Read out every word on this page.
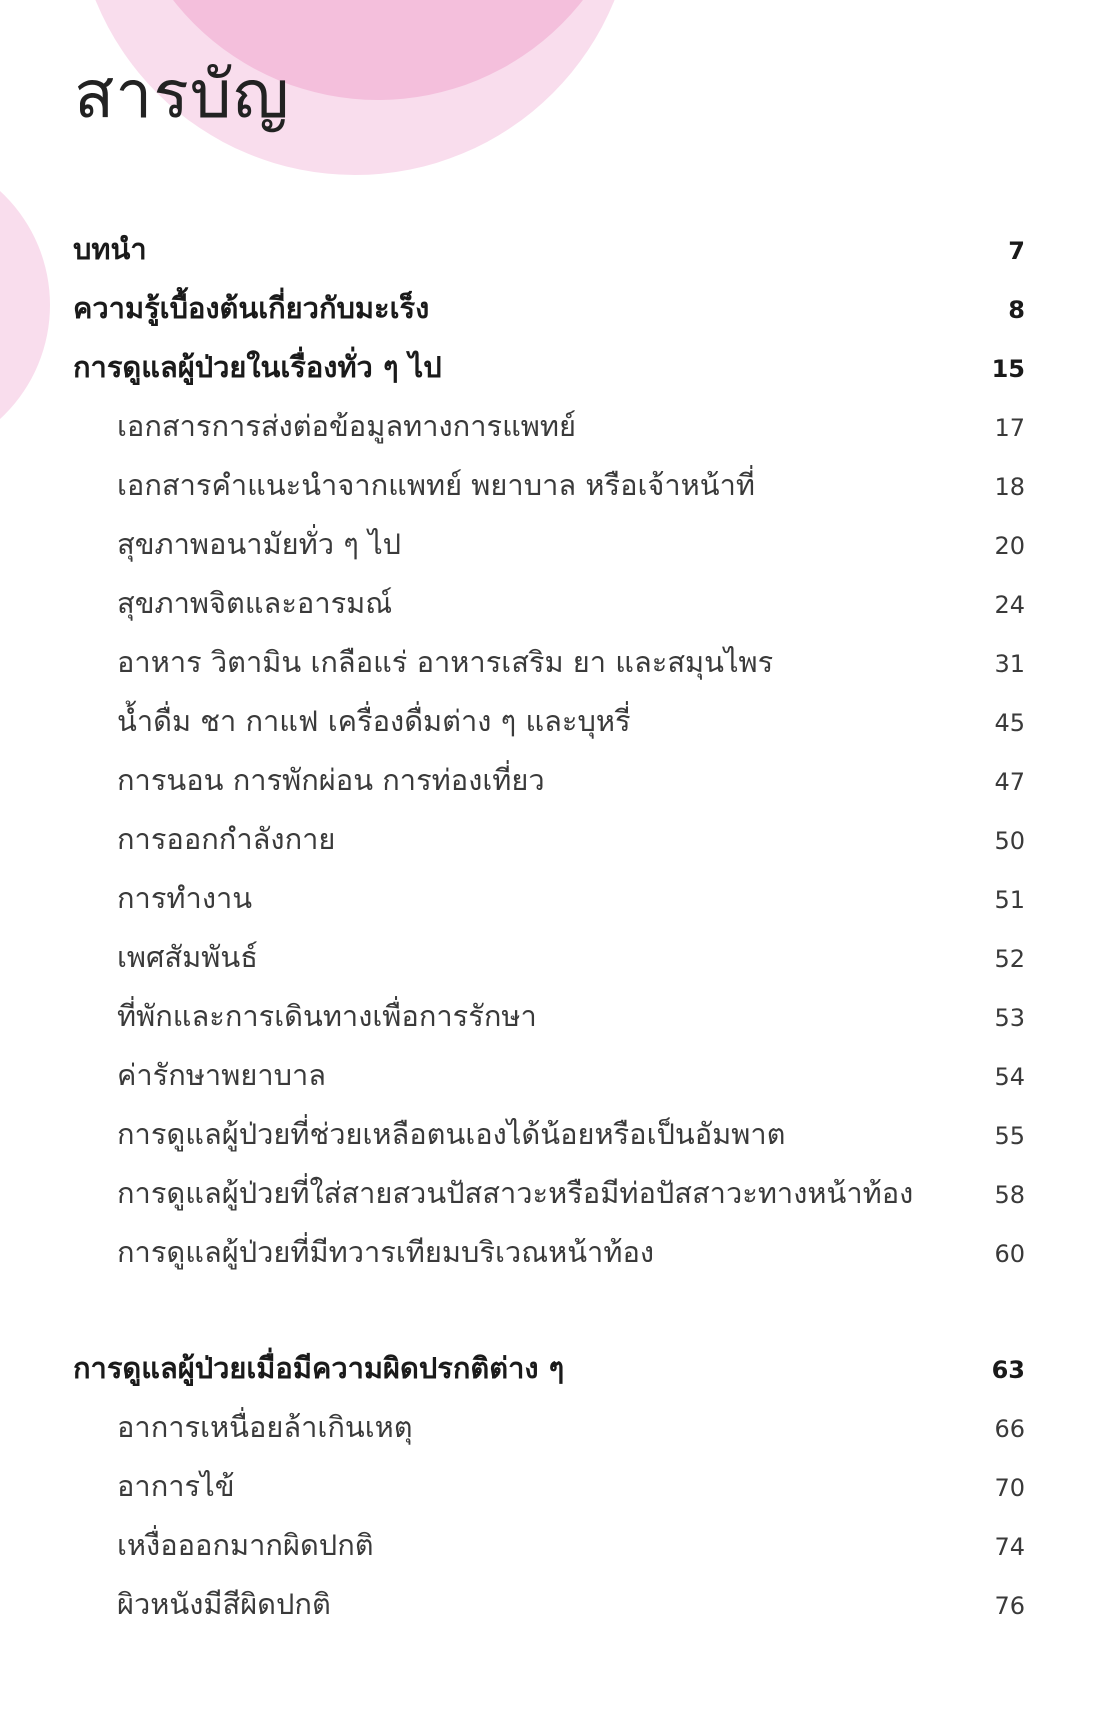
สารบัญ
บทนำ	7
ความรู้เบื้องต้นเกี่ยวกับมะเร็ง	8
การดูแลผู้ป่วยในเรื่องทั่ว ๆ ไป	15
เอกสารการส่งต่อข้อมูลทางการแพทย์	17
เอกสารคำแนะนำจากแพทย์ พยาบาล หรือเจ้าหน้าที่	18
สุขภาพอนามัยทั่ว ๆ ไป	20
สุขภาพจิตและอารมณ์	24
อาหาร วิตามิน เกลือแร่ อาหารเสริม ยา และสมุนไพร	31
น้ำดื่ม ชา กาแฟ เครื่องดื่มต่าง ๆ และบุหรี่	45
การนอน การพักผ่อน การท่องเที่ยว	47
การออกกำลังกาย	50
การทำงาน	51
เพศสัมพันธ์	52
ที่พักและการเดินทางเพื่อการรักษา	53
ค่ารักษาพยาบาล	54
การดูแลผู้ป่วยที่ช่วยเหลือตนเองได้น้อยหรือเป็นอัมพาต	55
การดูแลผู้ป่วยที่ใส่สายสวนปัสสาวะหรือมีท่อปัสสาวะทางหน้าท้อง	58
การดูแลผู้ป่วยที่มีทวารเทียมบริเวณหน้าท้อง	60
การดูแลผู้ป่วยเมื่อมีความผิดปรกติต่าง ๆ	63
อาการเหนื่อยล้าเกินเหตุ	66
อาการไข้	70
เหงื่อออกมากผิดปกติ	74
ผิวหนังมีสีผิดปกติ	76
